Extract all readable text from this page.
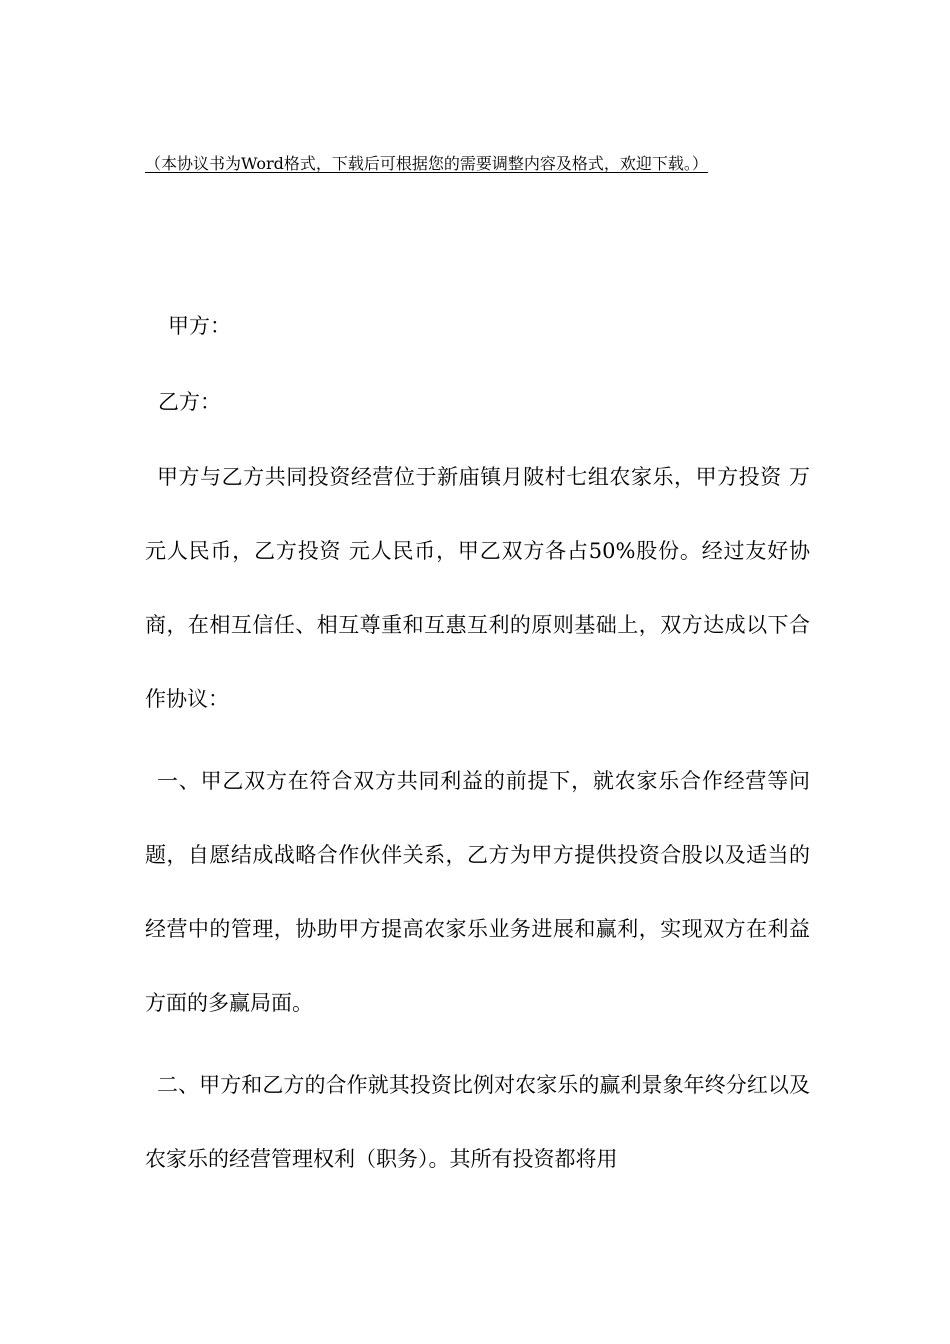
（本协议书为Word格式，下载后可根据您的需要调整内容及格式，欢迎下载。）

甲方：

乙方：

甲方与乙方共同投资经营位于新庙镇月陂村七组农家乐，甲方投资 万元人民币，乙方投资 元人民币，甲乙双方各占50%股份。经过友好协商，在相互信任、相互尊重和互惠互利的原则基础上，双方达成以下合作协议：

一、甲乙双方在符合双方共同利益的前提下，就农家乐合作经营等问题，自愿结成战略合作伙伴关系，乙方为甲方提供投资合股以及适当的经营中的管理，协助甲方提高农家乐业务进展和赢利，实现双方在利益方面的多赢局面。

二、甲方和乙方的合作就其投资比例对农家乐的赢利景象年终分红以及农家乐的经营管理权利（职务）。其所有投资都将用
